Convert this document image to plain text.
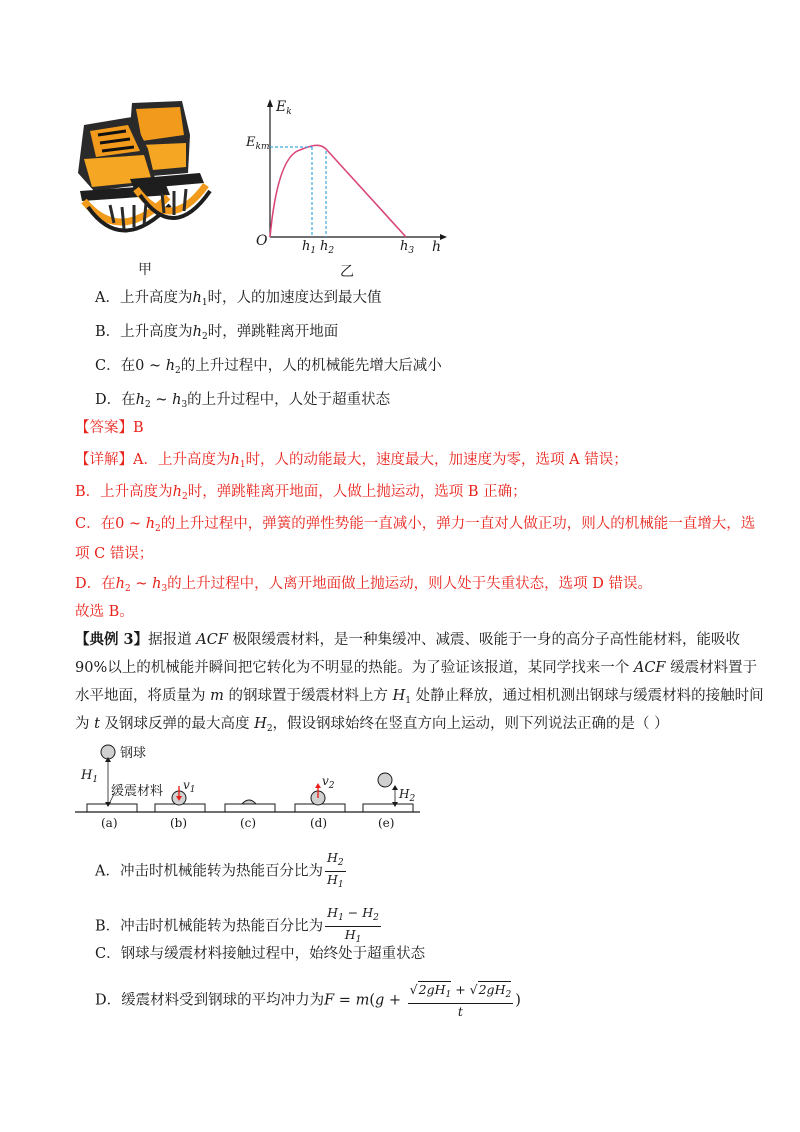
甲
$E_k$
$E_{km}$
O	$h_1$ $h_2$	$h_3$ h
乙
A．上升高度为$h_1$时，人的加速度达到最大值
B．上升高度为$h_2$时，弹跳鞋离开地面
C．在0 ~ $h_2$的上升过程中，人的机械能先增大后减小
D．在$h_2$ ~ $h_3$的上升过程中，人处于超重状态
【答案】B
【详解】A．上升高度为$h_1$时，人的动能最大，速度最大，加速度为零，选项 A 错误；
B．上升高度为$h_2$时，弹跳鞋离开地面，人做上抛运动，选项 B 正确；
C．在0 ~ $h_2$的上升过程中，弹簧的弹性势能一直减小，弹力一直对人做正功，则人的机械能一直增大，选
项 C 错误；
D．在$h_2$ ~ $h_3$的上升过程中，人离开地面做上抛运动，则人处于失重状态，选项 D 错误。
故选 B。
【典例 3】据报道 ACF 极限缓震材料，是一种集缓冲、减震、吸能于一身的高分子高性能材料，能吸收
90%以上的机械能并瞬间把它转化为不明显的热能。为了验证该报道，某同学找来一个 ACF 缓震材料置于
水平地面，将质量为 m 的钢球置于缓震材料上方 $H_1$ 处静止释放，通过相机测出钢球与缓震材料的接触时间
为 t 及钢球反弹的最大高度 $H_2$，假设钢球始终在竖直方向上运动，则下列说法正确的是（ ）
钢球
$H_1$
缓震材料 $v_1$
$v_2$
$H_2$
(a)	(b)	(c)	(d)	(e)
A．冲击时机械能转为热能百分比为 $\frac{H_2}{H_1}$
B．冲击时机械能转为热能百分比为 $\frac{H_1 - H_2}{H_1}$
C．钢球与缓震材料接触过程中，始终处于超重状态
D．缓震材料受到钢球的平均冲力为$F = m(g + \frac{√2gH_1 + √2gH_2}{t}$ )
